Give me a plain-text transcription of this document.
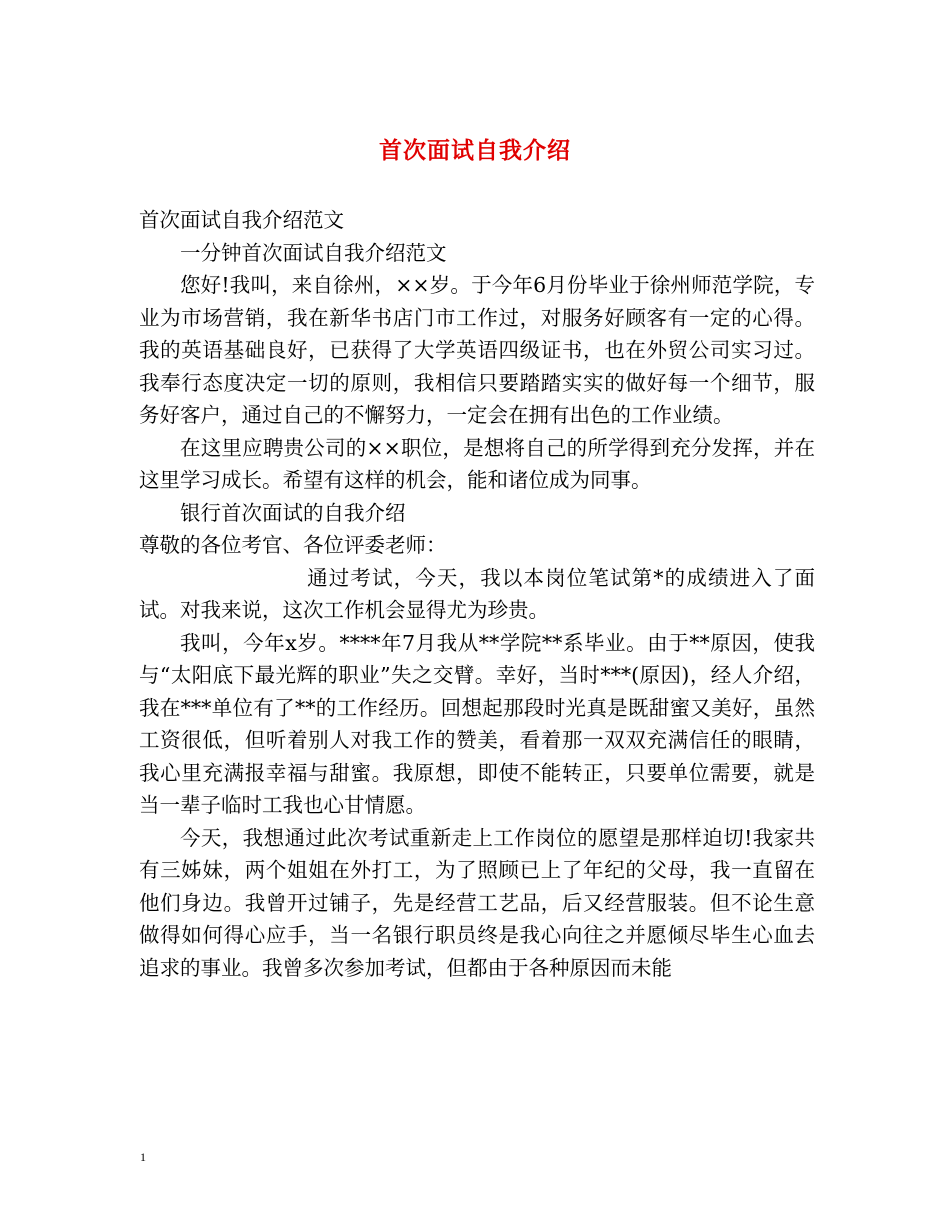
首次面试自我介绍

首次面试自我介绍范文

一分钟首次面试自我介绍范文

您好!我叫，来自徐州，××岁。于今年6月份毕业于徐州师范学院，专业为市场营销，我在新华书店门市工作过，对服务好顾客有一定的心得。我的英语基础良好，已获得了大学英语四级证书，也在外贸公司实习过。我奉行态度决定一切的原则，我相信只要踏踏实实的做好每一个细节，服务好客户，通过自己的不懈努力，一定会在拥有出色的工作业绩。

在这里应聘贵公司的××职位，是想将自己的所学得到充分发挥，并在这里学习成长。希望有这样的机会，能和诸位成为同事。

银行首次面试的自我介绍

尊敬的各位考官、各位评委老师：

通过考试，今天，我以本岗位笔试第*的成绩进入了面试。对我来说，这次工作机会显得尤为珍贵。

我叫，今年x岁。****年7月我从**学院**系毕业。由于**原因，使我与“太阳底下最光辉的职业”失之交臂。幸好，当时***(原因)，经人介绍，我在***单位有了**的工作经历。回想起那段时光真是既甜蜜又美好，虽然工资很低，但听着别人对我工作的赞美，看着那一双双充满信任的眼睛，我心里充满报幸福与甜蜜。我原想，即使不能转正，只要单位需要，就是当一辈子临时工我也心甘情愿。

今天，我想通过此次考试重新走上工作岗位的愿望是那样迫切!我家共有三姊妹，两个姐姐在外打工，为了照顾已上了年纪的父母，我一直留在他们身边。我曾开过铺子，先是经营工艺品，后又经营服装。但不论生意做得如何得心应手，当一名银行职员终是我心向往之并愿倾尽毕生心血去追求的事业。我曾多次参加考试，但都由于各种原因而未能

1
